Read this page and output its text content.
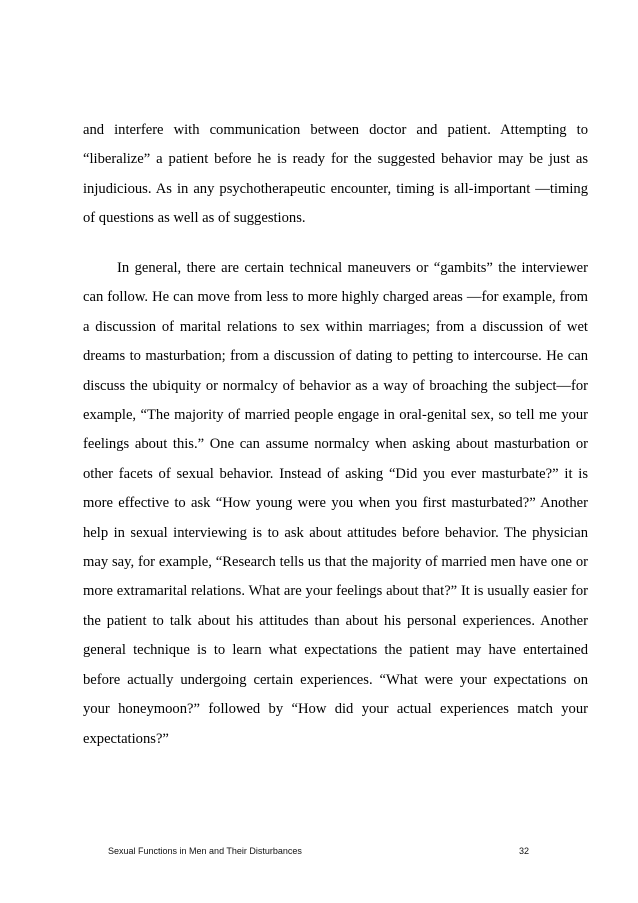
and interfere with communication between doctor and patient. Attempting to “liberalize” a patient before he is ready for the suggested behavior may be just as injudicious. As in any psychotherapeutic encounter, timing is all-important —timing of questions as well as of suggestions.

In general, there are certain technical maneuvers or “gambits” the interviewer can follow. He can move from less to more highly charged areas —for example, from a discussion of marital relations to sex within marriages; from a discussion of wet dreams to masturbation; from a discussion of dating to petting to intercourse. He can discuss the ubiquity or normalcy of behavior as a way of broaching the subject—for example, “The majority of married people engage in oral-genital sex, so tell me your feelings about this.” One can assume normalcy when asking about masturbation or other facets of sexual behavior. Instead of asking “Did you ever masturbate?” it is more effective to ask “How young were you when you first masturbated?” Another help in sexual interviewing is to ask about attitudes before behavior. The physician may say, for example, “Research tells us that the majority of married men have one or more extramarital relations. What are your feelings about that?” It is usually easier for the patient to talk about his attitudes than about his personal experiences. Another general technique is to learn what expectations the patient may have entertained before actually undergoing certain experiences. “What were your expectations on your honeymoon?” followed by “How did your actual experiences match your expectations?”

Sexual Functions in Men and Their Disturbances	32
